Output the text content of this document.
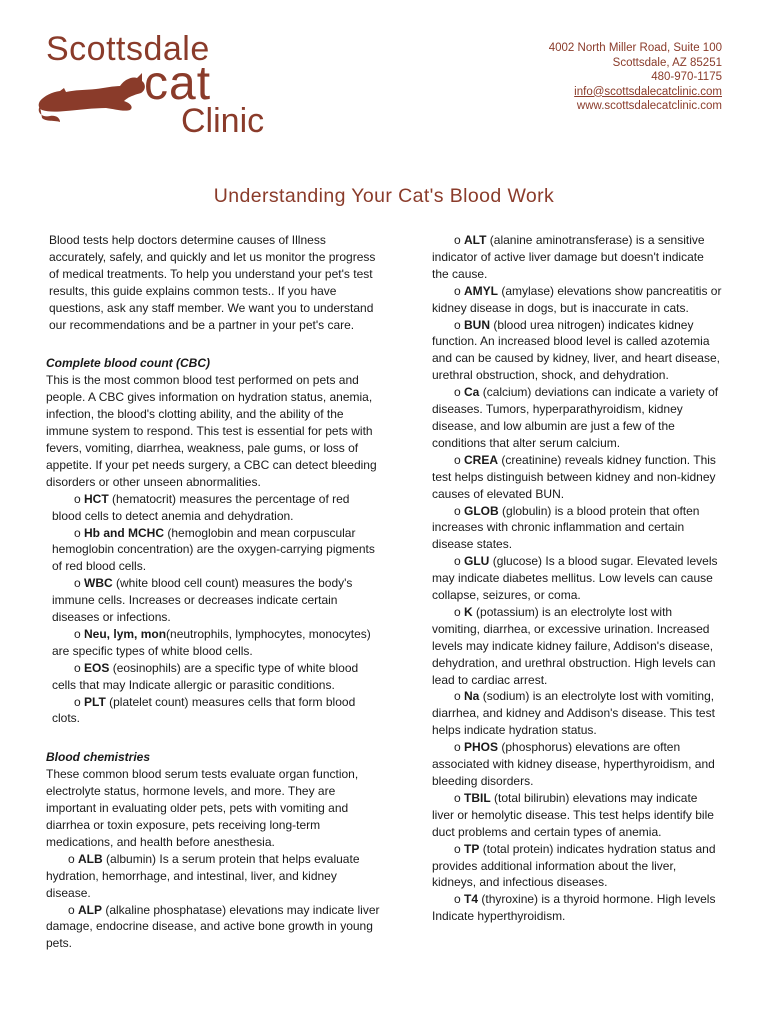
Scottsdale
cat
Clinic
4002 North Miller Road, Suite 100
Scottsdale, AZ 85251
480-970-1175
info@scottsdalecatclinic.com
www.scottsdalecatclinic.com
Understanding Your Cat's Blood Work

Blood tests help doctors determine causes of Illness accurately, safely, and quickly and let us monitor the progress of medical treatments. To help you understand your pet's test results, this guide explains common tests.. If you have questions, ask any staff member. We want you to understand our recommendations and be a partner in your pet's care.

Complete blood count (CBC)

This is the most common blood test performed on pets and people. A CBC gives information on hydration status, anemia, infection, the blood's clotting ability, and the ability of the immune system to respond. This test is essential for pets with fevers, vomiting, diarrhea, weakness, pale gums, or loss of appetite. If your pet needs surgery, a CBC can detect bleeding disorders or other unseen abnormalities.

o HCT (hematocrit) measures the percentage of red blood cells to detect anemia and dehydration.

o Hb and MCHC (hemoglobin and mean corpuscular hemoglobin concentration) are the oxygen-carrying pigments of red blood cells.

o WBC (white blood cell count) measures the body's immune cells. Increases or decreases indicate certain diseases or infections.

o Neu, lym, mon(neutrophils, lymphocytes, monocytes) are specific types of white blood cells.

o EOS (eosinophils) are a specific type of white blood cells that may Indicate allergic or parasitic conditions.

o PLT (platelet count) measures cells that form blood clots.

Blood chemistries

These common blood serum tests evaluate organ function, electrolyte status, hormone levels, and more. They are important in evaluating older pets, pets with vomiting and diarrhea or toxin exposure, pets receiving long-term medications, and health before anesthesia.

o ALB (albumin) Is a serum protein that helps evaluate hydration, hemorrhage, and intestinal, liver, and kidney disease.

o ALP (alkaline phosphatase) elevations may indicate liver damage, endocrine disease, and active bone growth in young pets.

o ALT (alanine aminotransferase) is a sensitive indicator of active liver damage but doesn't indicate the cause.

o AMYL (amylase) elevations show pancreatitis or kidney disease in dogs, but is inaccurate in cats.

o BUN (blood urea nitrogen) indicates kidney function. An increased blood level is called azotemia and can be caused by kidney, liver, and heart disease, urethral obstruction, shock, and dehydration.

o Ca (calcium) deviations can indicate a variety of diseases. Tumors, hyperparathyroidism, kidney disease, and low albumin are just a few of the conditions that alter serum calcium.

o CREA (creatinine) reveals kidney function. This test helps distinguish between kidney and non-kidney causes of elevated BUN.

o GLOB (globulin) is a blood protein that often increases with chronic inflammation and certain disease states.

o GLU (glucose) Is a blood sugar. Elevated levels may indicate diabetes mellitus. Low levels can cause collapse, seizures, or coma.

o K (potassium) is an electrolyte lost with vomiting, diarrhea, or excessive urination. Increased levels may indicate kidney failure, Addison's disease, dehydration, and urethral obstruction. High levels can lead to cardiac arrest.

o Na (sodium) is an electrolyte lost with vomiting, diarrhea, and kidney and Addison's disease. This test helps indicate hydration status.

o PHOS (phosphorus) elevations are often associated with kidney disease, hyperthyroidism, and bleeding disorders.

o TBIL (total bilirubin) elevations may indicate liver or hemolytic disease. This test helps identify bile duct problems and certain types of anemia.

o TP (total protein) indicates hydration status and provides additional information about the liver, kidneys, and infectious diseases.

o T4 (thyroxine) is a thyroid hormone. High levels Indicate hyperthyroidism.
